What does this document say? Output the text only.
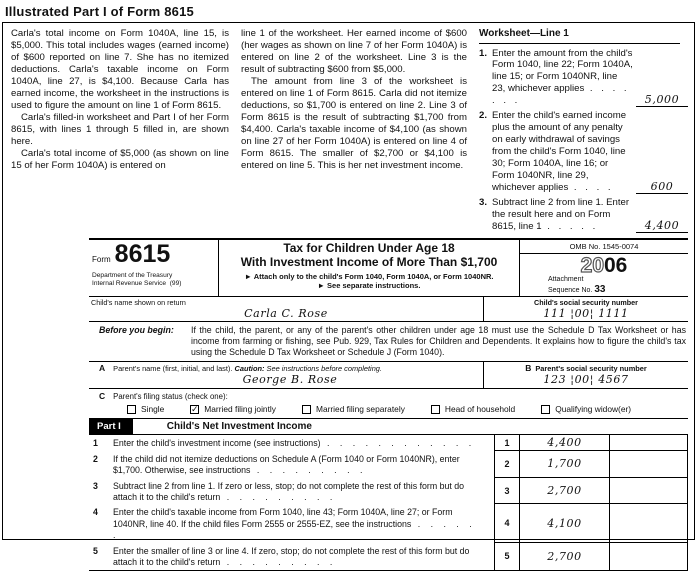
Illustrated Part I of Form 8615

Carla's total income on Form 1040A, line 15, is $5,000. This total includes wages (earned income) of $600 reported on line 7. She has no itemized deductions. Carla's taxable income on Form 1040A, line 27, is $4,100. Because Carla has earned income, the worksheet in the instructions is used to figure the amount on line 1 of Form 8615.

Carla's filled-in worksheet and Part I of her Form 8615, with lines 1 through 5 filled in, are shown here.

Carla's total income of $5,000 (as shown on line 15 of her Form 1040A) is entered on

line 1 of the worksheet. Her earned income of $600 (her wages as shown on line 7 of her Form 1040A) is entered on line 2 of the worksheet. Line 3 is the result of subtracting $600 from $5,000.

The amount from line 3 of the worksheet is entered on line 1 of Form 8615. Carla did not itemize deductions, so $1,700 is entered on line 2. Line 3 of Form 8615 is the result of subtracting $1,700 from $4,400. Carla's taxable income of $4,100 (as shown on line 27 of her Form 1040A) is entered on line 4 of Form 8615. The smaller of $2,700 or $4,100 is entered on line 5. This is her net investment income.

Worksheet—Line 1
1. Enter the amount from the child's Form 1040, line 22; Form 1040A, line 15; or Form 1040NR, line 23, whichever applies . . . . . . .	5,000
2. Enter the child's earned income plus the amount of any penalty on early withdrawal of savings from the child's Form 1040, line 30; Form 1040A, line 16; or Form 1040NR, line 29, whichever applies . . . .	600
3. Subtract line 2 from line 1. Enter the result here and on Form 8615, line 1 . . . . .	4,400
Form 8615
Department of the Treasury
Internal Revenue Service (99)
Tax for Children Under Age 18
With Investment Income of More Than $1,700
► Attach only to the child's Form 1040, Form 1040A, or Form 1040NR.
► See separate instructions.
OMB No. 1545-0074
2006
Attachment
Sequence No. 33
Child's name shown on return
Carla C. Rose
Child's social security number
111 ¦00¦ 1111
Before you begin:	If the child, the parent, or any of the parent's other children under age 18 must use the Schedule D Tax Worksheet or has income from farming or fishing, see Pub. 929, Tax Rules for Children and Dependents. It explains how to figure the child's tax using the Schedule D Tax Worksheet or Schedule J (Form 1040).
A Parent's name (first, initial, and last). Caution: See instructions before completing.
George B. Rose
B Parent's social security number
123 ¦00¦ 4567
C Parent's filing status (check one):
Single	✓ Married filing jointly	Married filing separately	Head of household	Qualifying widow(er)
Part I	Child's Net Investment Income
1	Enter the child's investment income (see instructions) . . . . . . . . . . . .	1	4,400
2	If the child did not itemize deductions on Schedule A (Form 1040 or Form 1040NR), enter $1,700. Otherwise, see instructions . . . . . . . . .
2	1,700
3	Subtract line 2 from line 1. If zero or less, stop; do not complete the rest of this form but do attach it to the child's return . . . . . . . . .
3	2,700
4	Enter the child's taxable income from Form 1040, line 43; Form 1040A, line 27; or Form 1040NR, line 40. If the child files Form 2555 or 2555-EZ, see the instructions . . . . . .
4	4,100
5	Enter the smaller of line 3 or line 4. If zero, stop; do not complete the rest of this form but do attach it to the child's return . . . . . . . . .
5	2,700
